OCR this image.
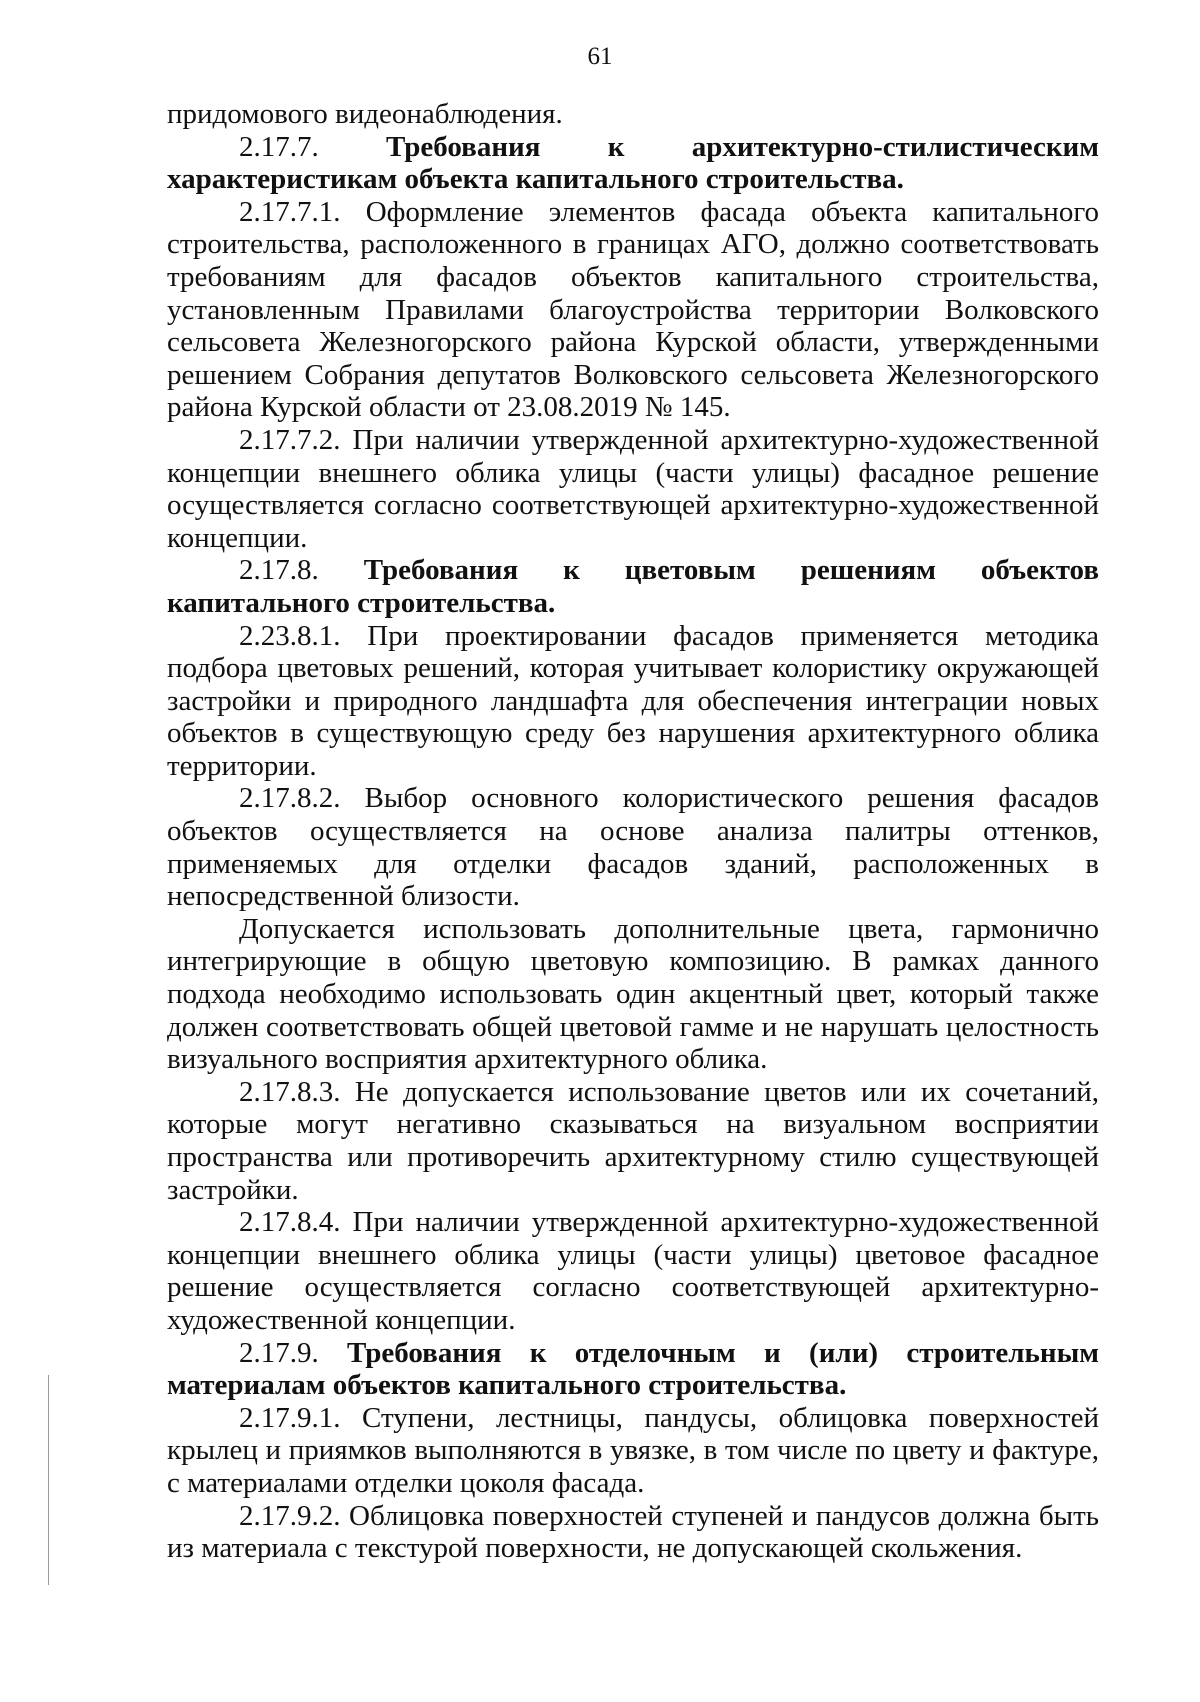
61

придомового видеонаблюдения.

2.17.7. Требования к архитектурно-стилистическим характеристикам объекта капитального строительства.

2.17.7.1. Оформление элементов фасада объекта капитального строительства, расположенного в границах АГО, должно соответствовать требованиям для фасадов объектов капитального строительства, установленным Правилами благоустройства территории Волковского сельсовета Железногорского района Курской области, утвержденными решением Собрания депутатов Волковского сельсовета Железногорского района Курской области от 23.08.2019 № 145.

2.17.7.2. При наличии утвержденной архитектурно-художественной концепции внешнего облика улицы (части улицы) фасадное решение осуществляется согласно соответствующей архитектурно-художественной концепции.

2.17.8. Требования к цветовым решениям объектов капитального строительства.

2.23.8.1. При проектировании фасадов применяется методика подбора цветовых решений, которая учитывает колористику окружающей застройки и природного ландшафта для обеспечения интеграции новых объектов в существующую среду без нарушения архитектурного облика территории.

2.17.8.2. Выбор основного колористического решения фасадов объектов осуществляется на основе анализа палитры оттенков, применяемых для отделки фасадов зданий, расположенных в непосредственной близости.

Допускается использовать дополнительные цвета, гармонично интегрирующие в общую цветовую композицию. В рамках данного подхода необходимо использовать один акцентный цвет, который также должен соответствовать общей цветовой гамме и не нарушать целостность визуального восприятия архитектурного облика.

2.17.8.3. Не допускается использование цветов или их сочетаний, которые могут негативно сказываться на визуальном восприятии пространства или противоречить архитектурному стилю существующей застройки.

2.17.8.4. При наличии утвержденной архитектурно-художественной концепции внешнего облика улицы (части улицы) цветовое фасадное решение осуществляется согласно соответствующей архитектурно-художественной концепции.

2.17.9. Требования к отделочным и (или) строительным материалам объектов капитального строительства.

2.17.9.1. Ступени, лестницы, пандусы, облицовка поверхностей крылец и приямков выполняются в увязке, в том числе по цвету и фактуре, с материалами отделки цоколя фасада.

2.17.9.2. Облицовка поверхностей ступеней и пандусов должна быть из материала с текстурой поверхности, не допускающей скольжения.
